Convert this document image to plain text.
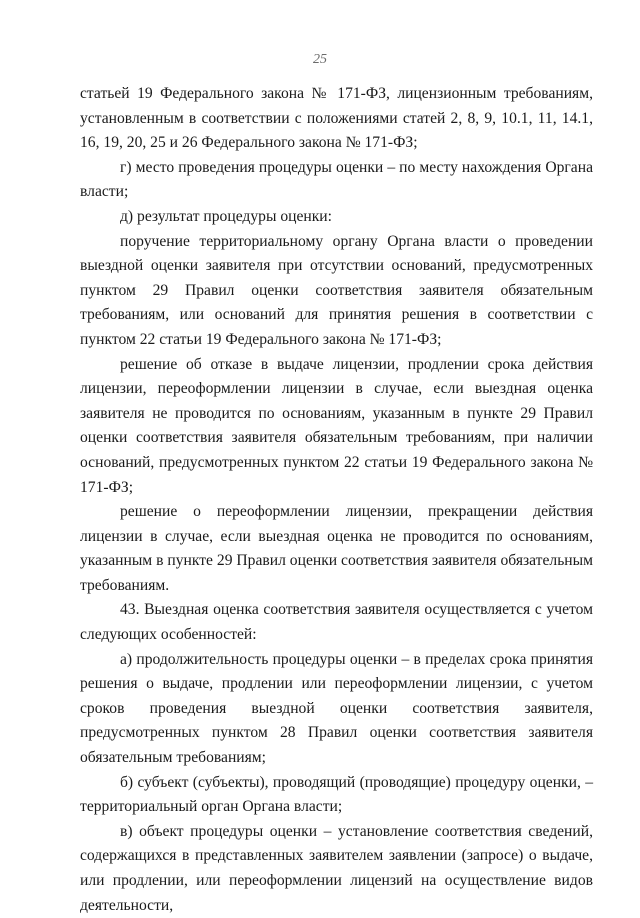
25

статьей 19 Федерального закона № 171-ФЗ, лицензионным требованиям, установленным в соответствии с положениями статей 2, 8, 9, 10.1, 11, 14.1, 16, 19, 20, 25 и 26 Федерального закона № 171-ФЗ;

г) место проведения процедуры оценки – по месту нахождения Органа власти;

д) результат процедуры оценки:

поручение территориальному органу Органа власти о проведении выездной оценки заявителя при отсутствии оснований, предусмотренных пунктом 29 Правил оценки соответствия заявителя обязательным требованиям, или оснований для принятия решения в соответствии с пунктом 22 статьи 19 Федерального закона № 171-ФЗ;

решение об отказе в выдаче лицензии, продлении срока действия лицензии, переоформлении лицензии в случае, если выездная оценка заявителя не проводится по основаниям, указанным в пункте 29 Правил оценки соответствия заявителя обязательным требованиям, при наличии оснований, предусмотренных пунктом 22 статьи 19 Федерального закона № 171-ФЗ;

решение о переоформлении лицензии, прекращении действия лицензии в случае, если выездная оценка не проводится по основаниям, указанным в пункте 29 Правил оценки соответствия заявителя обязательным требованиям.

43. Выездная оценка соответствия заявителя осуществляется с учетом следующих особенностей:

а) продолжительность процедуры оценки – в пределах срока принятия решения о выдаче, продлении или переоформлении лицензии, с учетом сроков проведения выездной оценки соответствия заявителя, предусмотренных пунктом 28 Правил оценки соответствия заявителя обязательным требованиям;

б) субъект (субъекты), проводящий (проводящие) процедуру оценки, – территориальный орган Органа власти;

в) объект процедуры оценки – установление соответствия сведений, содержащихся в представленных заявителем заявлении (запросе) о выдаче, или продлении, или переоформлении лицензий на осуществление видов деятельности,
